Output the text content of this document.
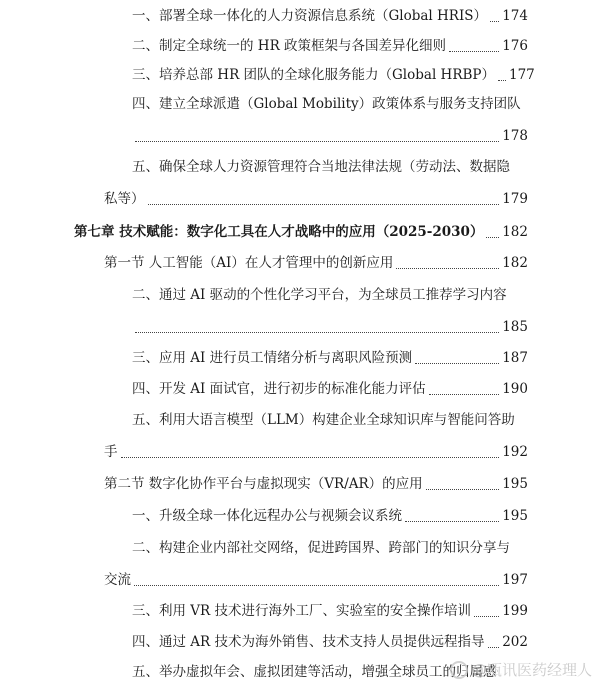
一、部署全球一体化的人力资源信息系统（Global HRIS） 174
二、制定全球统一的 HR 政策框架与各国差异化细则	176
三、培养总部 HR 团队的全球化服务能力（Global HRBP） 177
四、建立全球派遣（Global Mobility）政策体系与服务支持团队
178
五、确保全球人力资源管理符合当地法律法规（劳动法、数据隐
私等）	179
第七章 技术赋能：数字化工具在人才战略中的应用（2025-2030） 182
第一节 人工智能（AI）在人才管理中的创新应用	182
二、通过 AI 驱动的个性化学习平台，为全球员工推荐学习内容
185
三、应用 AI 进行员工情绪分析与离职风险预测	187
四、开发 AI 面试官，进行初步的标准化能力评估	190
五、利用大语言模型（LLM）构建企业全球知识库与智能问答助
手	192
第二节 数字化协作平台与虚拟现实（VR/AR）的应用	195
一、升级全球一体化远程办公与视频会议系统	195
二、构建企业内部社交网络，促进跨国界、跨部门的知识分享与
交流	197
三、利用 VR 技术进行海外工厂、实验室的安全操作培训 199
四、通过 AR 技术为海外销售、技术支持人员提供远程指导 202
五、举办虚拟年会、虚拟团建等活动，增强全球员工的归属感
@瓯讯医药经理人
